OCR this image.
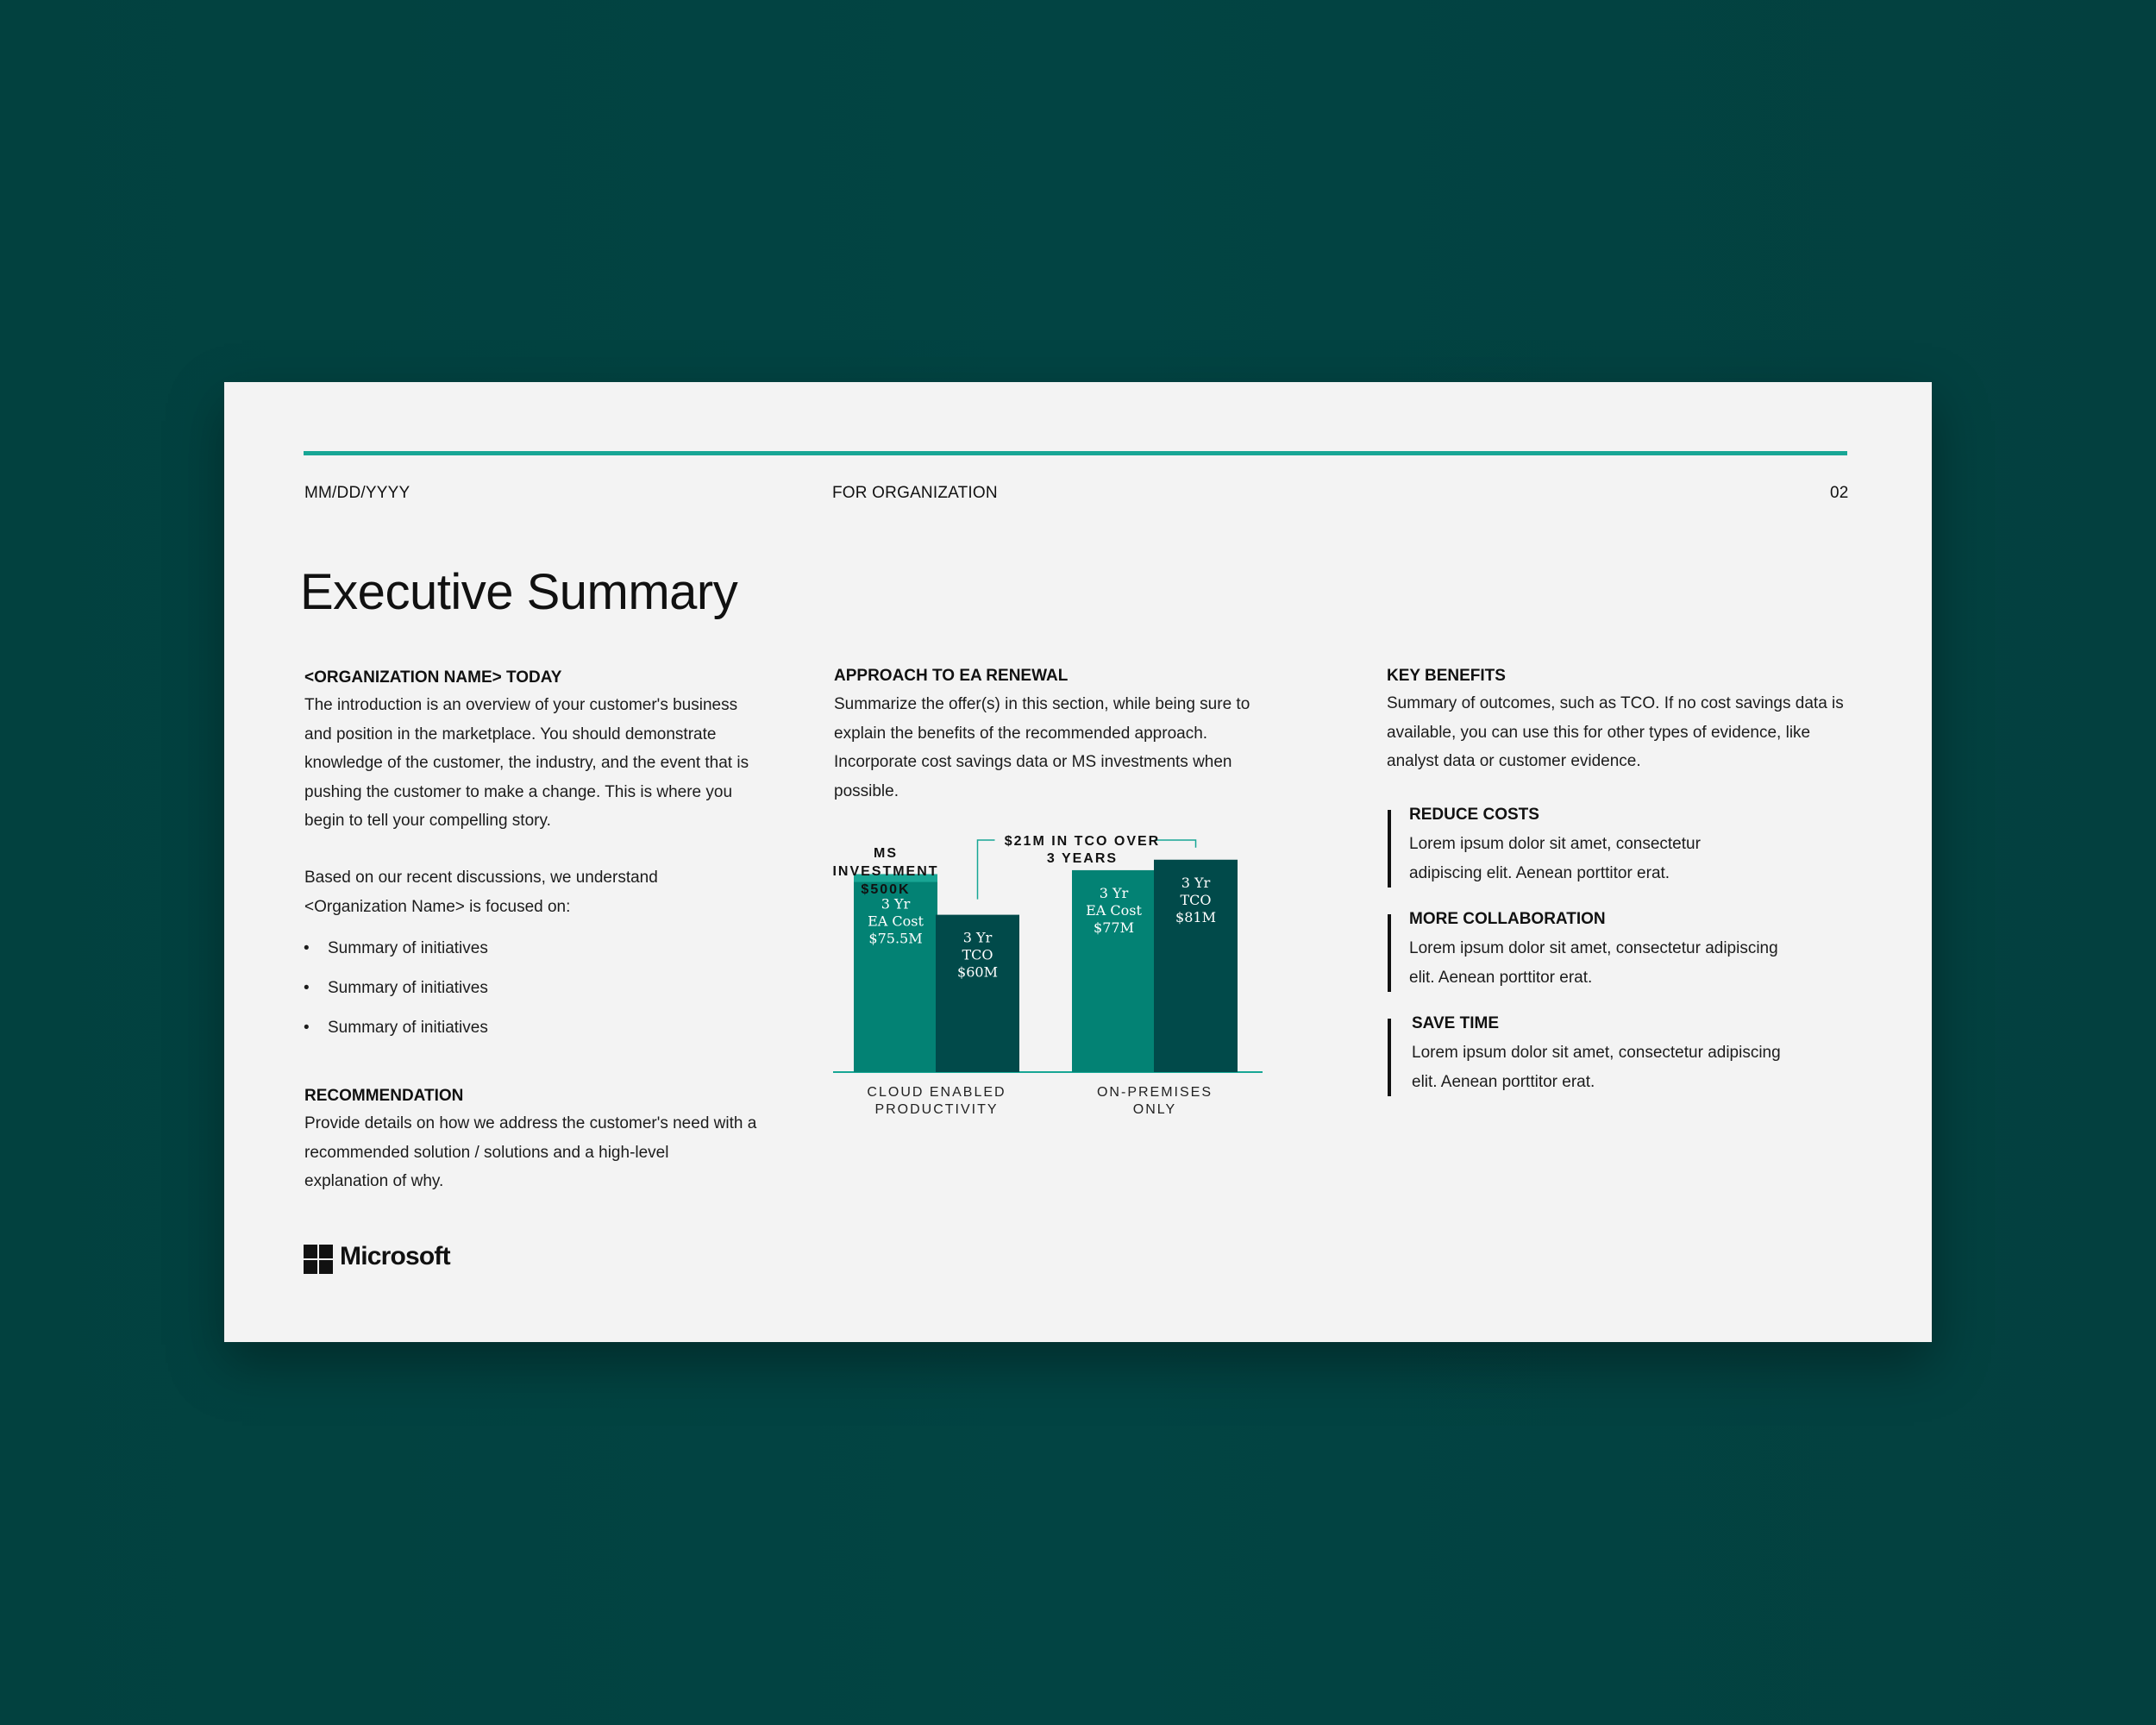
MM/DD/YYYY	FOR ORGANIZATION	02
Executive Summary
<ORGANIZATION NAME> TODAY
The introduction is an overview of your customer's business
and position in the marketplace. You should demonstrate
knowledge of the customer, the industry, and the event that is
pushing the customer to make a change. This is where you
begin to tell your compelling story.
Based on our recent discussions, we understand
<Organization Name> is focused on:
• Summary of initiatives
• Summary of initiatives
• Summary of initiatives
RECOMMENDATION
Provide details on how we address the customer's need with a
recommended solution / solutions and a high-level
explanation of why.
APPROACH TO EA RENEWAL
Summarize the offer(s) in this section, while being sure to
explain the benefits of the recommended approach.
Incorporate cost savings data or MS investments when
possible.
3 Yr
EA Cost
$75.5M	3 Yr
TCO
$60M
3 Yr
EA Cost
$77M
3 Yr
TCO
$81M
CLOUD ENABLED
PRODUCTIVITY
ON-PREMISES
ONLY
MS
INVESTMENT
$500K
$21M IN TCO OVER
3 YEARS
KEY BENEFITS
Summary of outcomes, such as TCO. If no cost savings data is
available, you can use this for other types of evidence, like
analyst data or customer evidence.
REDUCE COSTS
Lorem ipsum dolor sit amet, consectetur
adipiscing elit. Aenean porttitor erat.
MORE COLLABORATION
Lorem ipsum dolor sit amet, consectetur adipiscing
elit. Aenean porttitor erat.
SAVE TIME
Lorem ipsum dolor sit amet, consectetur adipiscing
elit. Aenean porttitor erat.
Microsoft
